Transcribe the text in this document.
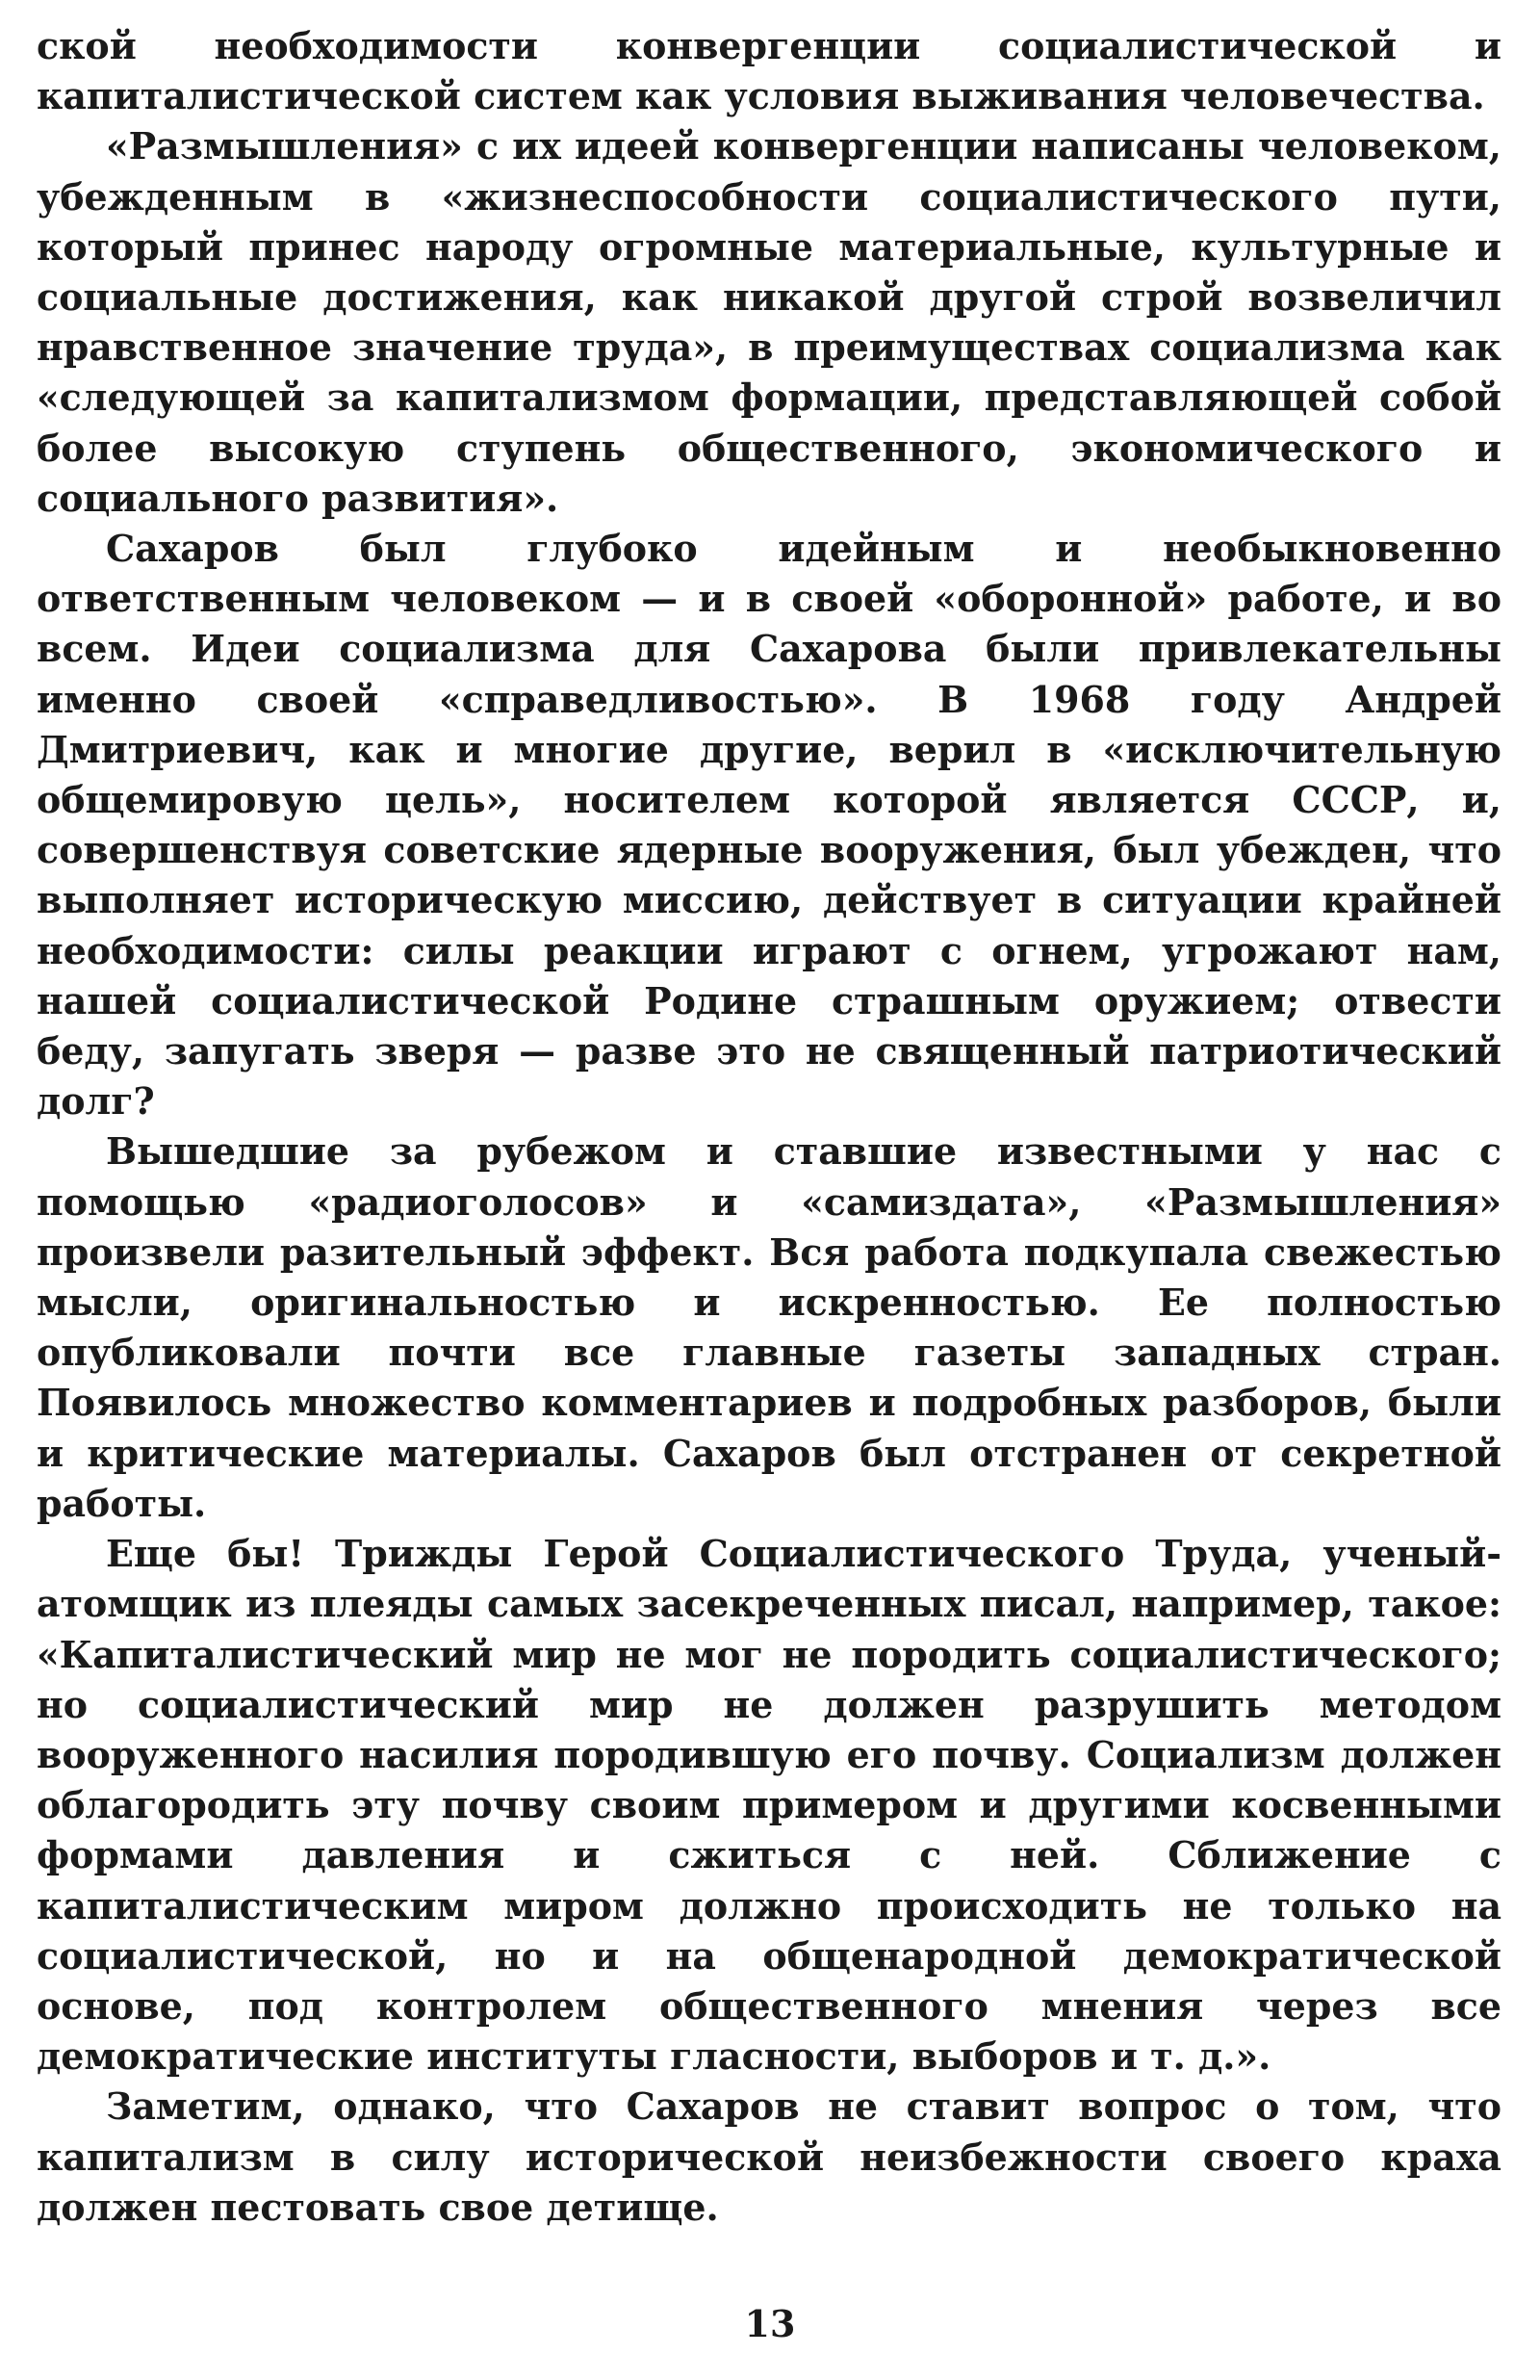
ской необходимости конвергенции социалистической и капиталистической систем как условия выживания человечества.

«Размышления» с их идеей конвергенции написаны человеком, убежденным в «жизнеспособности социалистического пути, который принес народу огромные материальные, культурные и социальные достижения, как никакой другой строй возвеличил нравственное значение труда», в преимуществах социализма как «следующей за капитализмом формации, представляющей собой более высокую ступень общественного, экономического и социального развития».

Сахаров был глубоко идейным и необыкновенно ответственным человеком — и в своей «оборонной» работе, и во всем. Идеи социализма для Сахарова были привлекательны именно своей «справедливостью». В 1968 году Андрей Дмитриевич, как и многие другие, верил в «исключительную общемировую цель», носителем которой является СССР, и, совершенствуя советские ядерные вооружения, был убежден, что выполняет историческую миссию, действует в ситуации крайней необходимости: силы реакции играют с огнем, угрожают нам, нашей социалистической Родине страшным оружием; отвести беду, запугать зверя — разве это не священный патриотический долг?

Вышедшие за рубежом и ставшие известными у нас с помощью «радиоголосов» и «самиздата», «Размышления» произвели разительный эффект. Вся работа подкупала свежестью мысли, оригинальностью и искренностью. Ее полностью опубликовали почти все главные газеты западных стран. Появилось множество комментариев и подробных разборов, были и критические материалы. Сахаров был отстранен от секретной работы.

Еще бы! Трижды Герой Социалистического Труда, ученый-атомщик из плеяды самых засекреченных писал, например, такое: «Капиталистический мир не мог не породить социалистического; но социалистический мир не должен разрушить методом вооруженного насилия породившую его почву. Социализм должен облагородить эту почву своим примером и другими косвенными формами давления и сжиться с ней. Сближение с капиталистическим миром должно происходить не только на социалистической, но и на общенародной демократической основе, под контролем общественного мнения через все демократические институты гласности, выборов и т. д.».

Заметим, однако, что Сахаров не ставит вопрос о том, что капитализм в силу исторической неизбежности своего краха должен пестовать свое детище.

13
